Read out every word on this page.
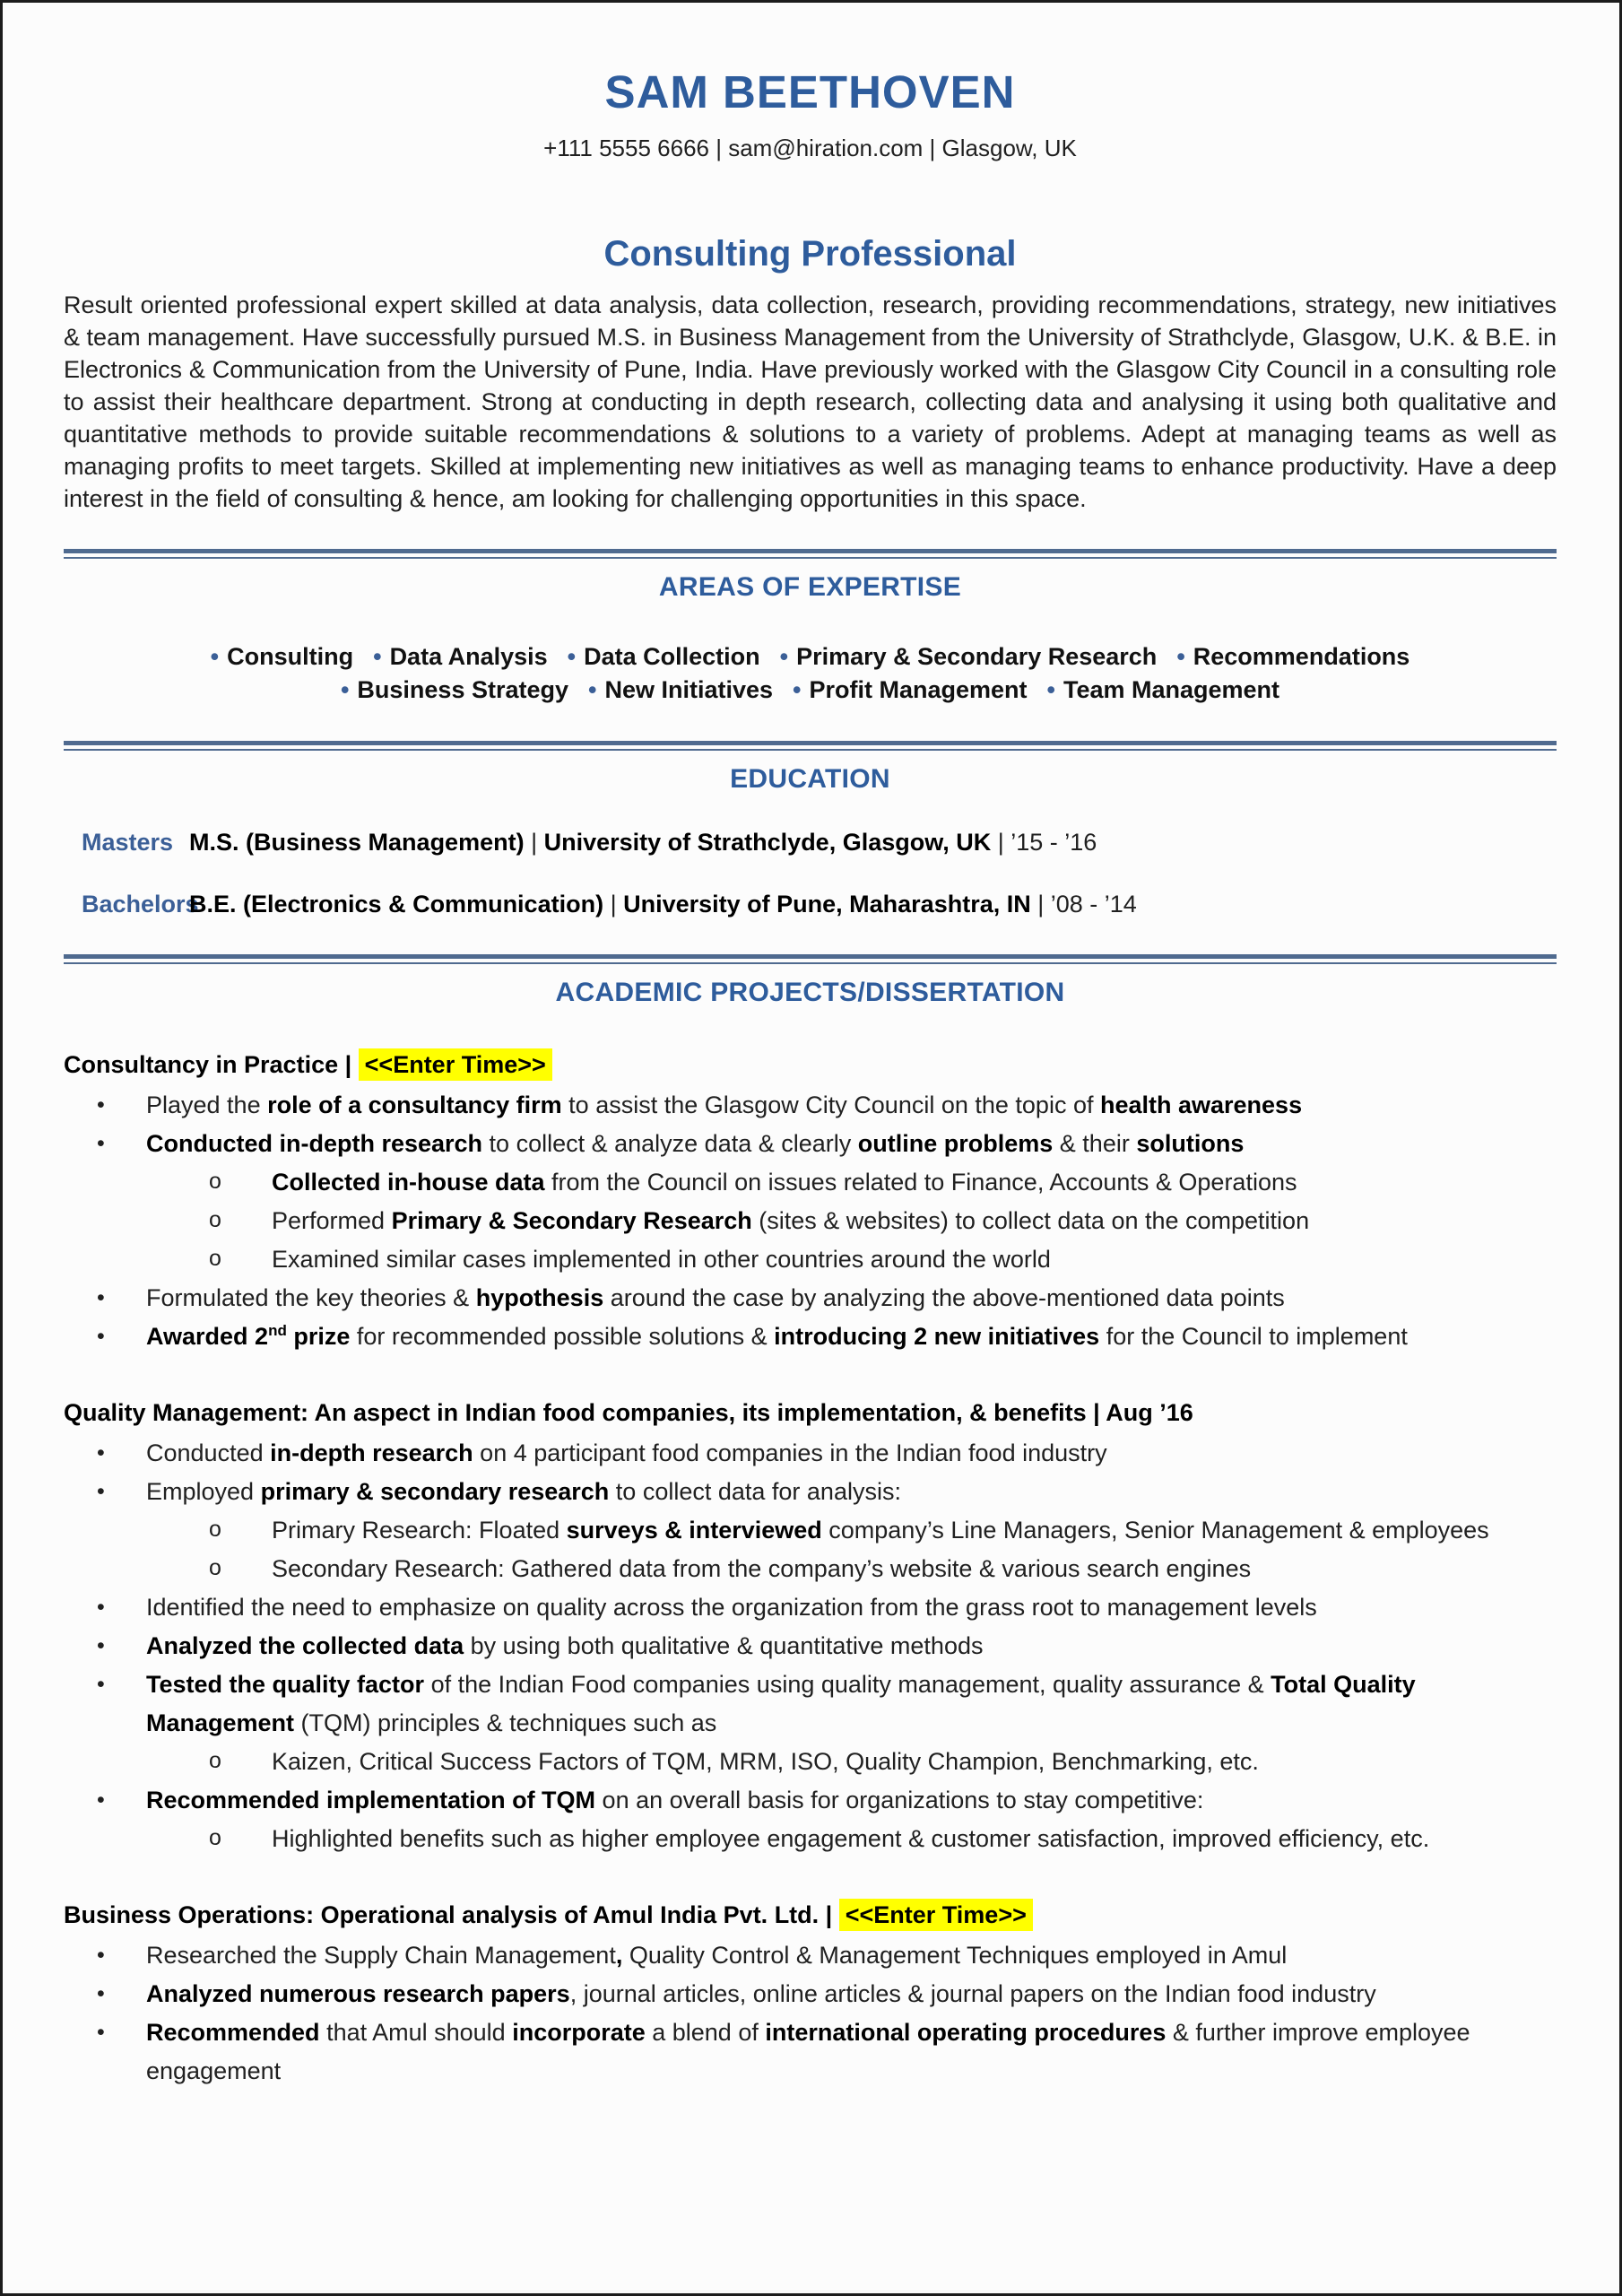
SAM BEETHOVEN
+111 5555 6666 | sam@hiration.com | Glasgow, UK
Consulting Professional
Result oriented professional expert skilled at data analysis, data collection, research, providing recommendations, strategy, new initiatives & team management. Have successfully pursued M.S. in Business Management from the University of Strathclyde, Glasgow, U.K. & B.E. in Electronics & Communication from the University of Pune, India. Have previously worked with the Glasgow City Council in a consulting role to assist their healthcare department. Strong at conducting in depth research, collecting data and analysing it using both qualitative and quantitative methods to provide suitable recommendations & solutions to a variety of problems. Adept at managing teams as well as managing profits to meet targets. Skilled at implementing new initiatives as well as managing teams to enhance productivity. Have a deep interest in the field of consulting & hence, am looking for challenging opportunities in this space.
AREAS OF EXPERTISE
• Consulting • Data Analysis • Data Collection • Primary & Secondary Research • Recommendations
• Business Strategy • New Initiatives • Profit Management • Team Management
EDUCATION
Masters M.S. (Business Management) | University of Strathclyde, Glasgow, UK | ’15 - ’16
Bachelors
B.E. (Electronics & Communication) | University of Pune, Maharashtra, IN | ’08 - ’14
ACADEMIC PROJECTS/DISSERTATION
Consultancy in Practice | <<Enter Time>>
• Played the role of a consultancy firm to assist the Glasgow City Council on the topic of health awareness
• Conducted in-depth research to collect & analyze data & clearly outline problems & their solutions
o Collected in-house data from the Council on issues related to Finance, Accounts & Operations
o Performed Primary & Secondary Research (sites & websites) to collect data on the competition
o Examined similar cases implemented in other countries around the world
• Formulated the key theories & hypothesis around the case by analyzing the above-mentioned data points
• Awarded 2nd prize for recommended possible solutions & introducing 2 new initiatives for the Council to implement
Quality Management: An aspect in Indian food companies, its implementation, & benefits | Aug ’16
• Conducted in-depth research on 4 participant food companies in the Indian food industry
• Employed primary & secondary research to collect data for analysis:
o Primary Research: Floated surveys & interviewed company’s Line Managers, Senior Management & employees
o Secondary Research: Gathered data from the company’s website & various search engines
• Identified the need to emphasize on quality across the organization from the grass root to management levels
• Analyzed the collected data by using both qualitative & quantitative methods
• Tested the quality factor of the Indian Food companies using quality management, quality assurance & Total Quality Management (TQM) principles & techniques such as
o Kaizen, Critical Success Factors of TQM, MRM, ISO, Quality Champion, Benchmarking, etc.
• Recommended implementation of TQM on an overall basis for organizations to stay competitive:
o Highlighted benefits such as higher employee engagement & customer satisfaction, improved efficiency, etc.
Business Operations: Operational analysis of Amul India Pvt. Ltd. | <<Enter Time>>
• Researched the Supply Chain Management, Quality Control & Management Techniques employed in Amul
• Analyzed numerous research papers, journal articles, online articles & journal papers on the Indian food industry
• Recommended that Amul should incorporate a blend of international operating procedures & further improve employee engagement
